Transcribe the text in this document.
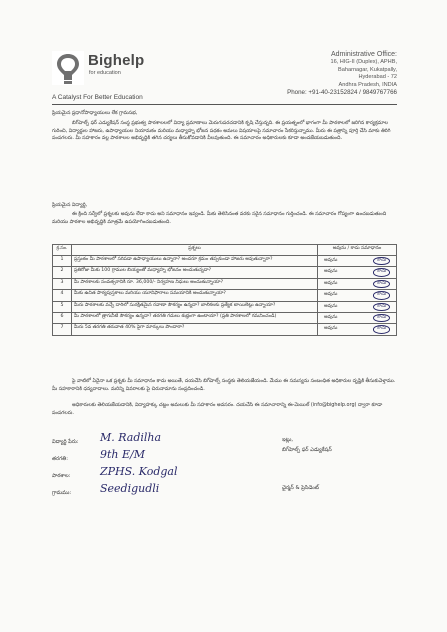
Bighelp
for education
A Catalyst For Better Education
Administrative Office:
16, HIG-II (Duplex), APHB,
Baharnagar, Kukatpally,
Hyderabad - 72
Andhra Pradesh, INDIA
Phone: +91-40-23152824 / 9849767766
ప్రియమైన ప్రధానోపాధ్యాయులు లేక గ్రామసభ,
బిగ్‌హెల్ప్ ఫర్ ఎడ్యుకేషన్ సంస్థ ప్రభుత్వ పాఠశాలలలో విద్యా ప్రమాణాలు మెరుగుపరచడానికి కృషి చేస్తున్నది. ఈ ప్రయత్నంలో భాగంగా మీ పాఠశాలలో జరిగిన కార్యక్రమాల గురించి, విద్యార్థుల హాజరు, ఉపాధ్యాయుల నియామకం మరియు మధ్యాహ్న భోజన పథకం అమలు విషయాలపై సమాచారం సేకరిస్తున్నాము. మీరు ఈ పత్రాన్ని పూర్తి చేసి మాకు తిరిగి పంపగలరు. మీ సహకారం వల్ల పాఠశాలల అభివృద్ధికి తగిన చర్యలు తీసుకోవడానికి వీలవుతుంది. ఈ సమాచారం అధికారులకు కూడా అందజేయబడుతుంది.
ప్రియమైన విద్యార్థి,
ఈ క్రింది సర్వేలో ప్రశ్నలకు అవును లేదా కాదు అని సమాధానం ఇవ్వండి. మీకు తెలిసినంత వరకు సరైన సమాధానం గుర్తించండి. ఈ సమాచారం గోప్యంగా ఉంచబడుతుంది మరియు పాఠశాల అభివృద్ధికి మాత్రమే ఉపయోగించబడుతుంది.
క్ర.సం.	ప్రశ్నలు	అవును / కాదు సమాధానం
1	ప్రస్తుతం మీ పాఠశాలలో సరిపడా ఉపాధ్యాయులు ఉన్నారా? అందరూ క్రమం తప్పకుండా హాజరు అవుతున్నారా?	అవును కాదు

2	ప్రతిరోజు మీకు 100 గ్రాముల బియ్యంతో మధ్యాహ్న భోజనం అందుతున్నదా?	అవును కాదు

3	మీ పాఠశాలకు సంవత్సరానికి రూ. 36,000/- నిర్వహణ నిధులు అందుతున్నాయా?	అవును కాదు

4	మీకు ఉచిత పాఠ్యపుస్తకాలు మరియు యూనిఫారాలు సమయానికి అందుతున్నాయా?	అవును కాదు

5	మీరు పాఠశాలకు వచ్చే దారిలో సురక్షితమైన రవాణా సౌకర్యం ఉన్నదా? బాలికలకు ప్రత్యేక టాయిలెట్లు ఉన్నాయా?	అవును కాదు

6	మీ పాఠశాలలో త్రాగునీటి సౌకర్యం ఉన్నదా? తరగతి గదులు శుభ్రంగా ఉంటాయా? (ప్రతి పాఠశాలలో గమనించండి)	అవును కాదు

7	మీరు 5వ తరగతి తరువాత 40% పైగా మార్కులు పొందారా?	అవును కాదు
పై వాటిలో ఏదైనా ఒక ప్రశ్నకు మీ సమాధానం కాదు అయితే, దయచేసి బిగ్‌హెల్ప్ సంస్థకు తెలియజేయండి. మేము ఈ సమస్యను సంబంధిత అధికారుల దృష్టికి తీసుకువెళ్తాము. మీ సహకారానికి ధన్యవాదాలు. మరిన్ని వివరాలకు పై చిరునామాను సంప్రదించండి.
అధికారులకు తెలియజేయడానికి, విద్యాహక్కు చట్టం అమలుకు మీ సహకారం అవసరం. దయచేసి ఈ సమాచారాన్ని ఈ-మెయిల్ (info@bighelp.org) ద్వారా కూడా పంపగలరు.
విద్యార్థి పేరు: M. Radilha
తరగతి:	9th E/M
పాఠశాల:	ZPHS. Kodgal
గ్రామము:	Seedigudli
ఇట్లు,
బిగ్‌హెల్ప్ ఫర్ ఎడ్యుకేషన్
ఛైర్మన్ & ప్రెసిడెంట్
